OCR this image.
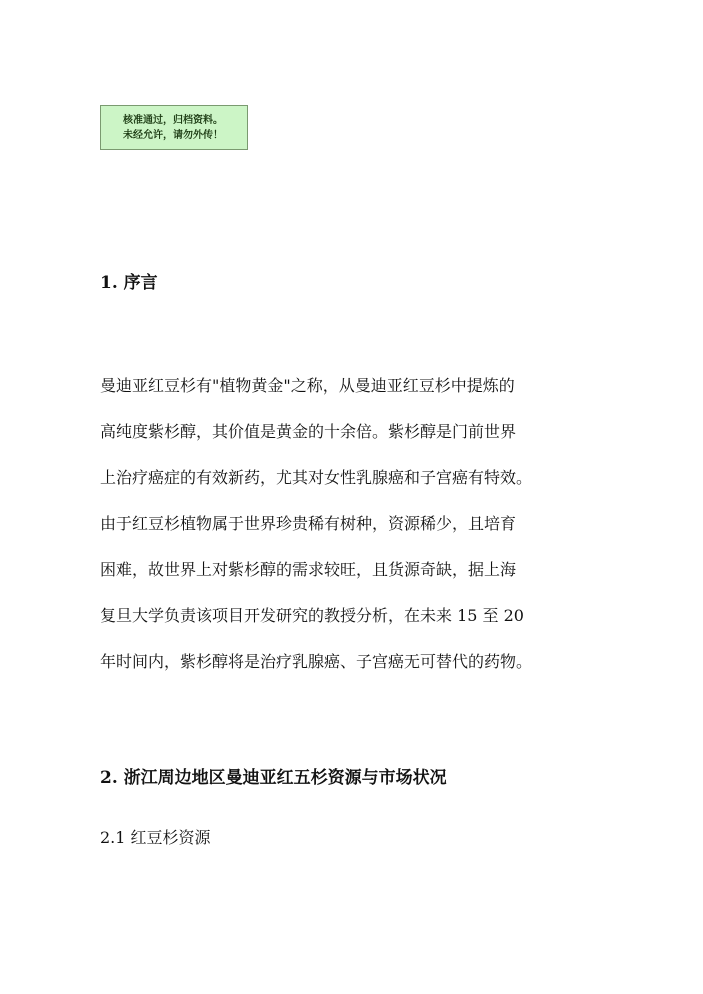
核准通过，归档资料。
未经允许，请勿外传！
1. 序言
曼迪亚红豆杉有"植物黄金"之称，从曼迪亚红豆杉中提炼的
高纯度紫杉醇，其价值是黄金的十余倍。紫杉醇是门前世界
上治疗癌症的有效新药，尤其对女性乳腺癌和子宫癌有特效。
由于红豆杉植物属于世界珍贵稀有树种，资源稀少，且培育
困难，故世界上对紫杉醇的需求较旺，且货源奇缺，据上海
复旦大学负责该项目开发研究的教授分析，在未来 15 至 20
年时间内，紫杉醇将是治疗乳腺癌、子宫癌无可替代的药物。
2. 浙江周边地区曼迪亚红五杉资源与市场状况
2.1 红豆杉资源
